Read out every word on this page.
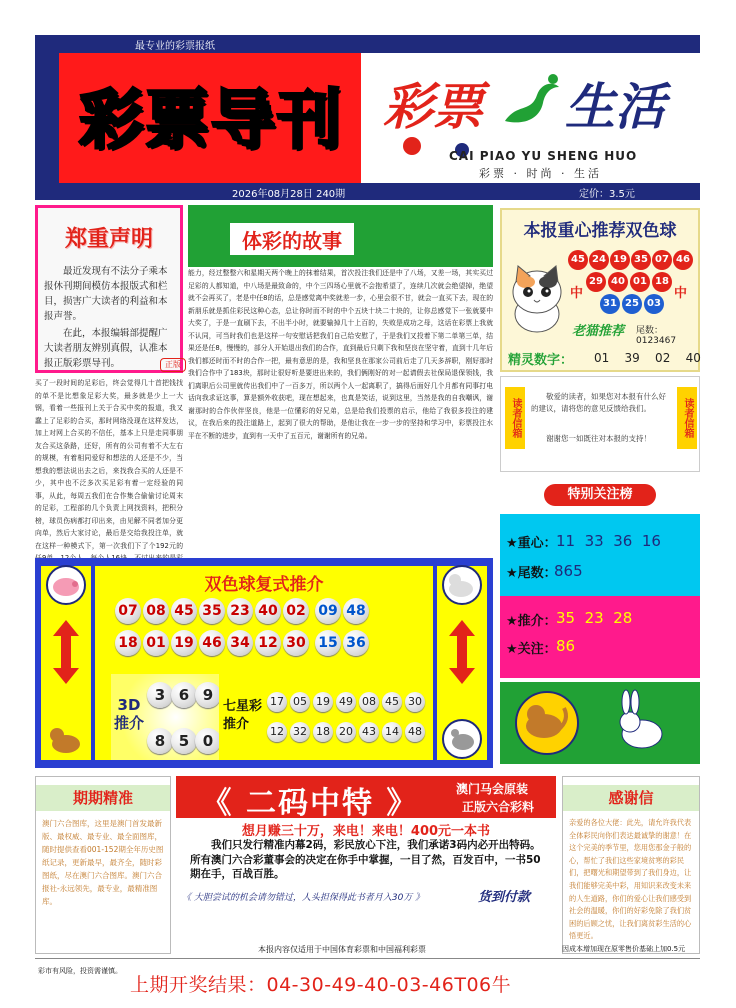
最专业的彩票报纸
彩票导刊 彩票 生活
CAI PIAO YU SHENG HUO
彩票 · 时尚 · 生活
2026年08月28日 240期	定价：3.5元
郑重声明
最近发现有不法分子乘本报休刊期间模仿本报版式和栏目，损害广大读者的利益和本报声誉。
在此，本报编辑部提醒广大读者朋友辨别真假，认准本报正版彩票导刊。	正版
体彩的故事
能力，经过整整六和星期天两个晚上的抹着结果，首次投注我们还是中了八场，又差一场，其实买过足彩的人都知道，中八场是最致命的，中个三四场心里就不会抱希望了，连续几次就会绝望掉，绝望就不会再买了，老是中任8的话，总是感觉离中奖就差一步，心里会很不甘，就会一直买下去，现在的新朋乐就是抓住彩民这种心态，总让你时而不时的中个五块十块二十块的，让你总感觉下一张就要中大奖了，于是一直刷下去，不出半小时，就要输掉几十上百的，失败是成功之母，这话在彩票上我就不认同，可当时我们也是这样一句安慰话把我们自己给安慰了，于是我们又投着下第二单第三单，结果还是任8，慢慢的，部分人开始退出我们的合作，直到最后只剩下我和坚良在坚守着，直到十几年后我们都还时而不时的合作一把，最有意思的是，我和坚良在那家公司前后走了几天多辞职，刚好那时我们合作中了183块，那时让很好听是要进出来的，我们俩刚好的对一起请假去社保局退保领钱，我们离职后公司里就传出我们中了一百多万，所以两个人一起离职了，搞得后面好几个月都有同事打电话向我求证这事，算是额外收获吧，现在想起来，也真是笑话，说到这里，当然是我的自我嘲讽，谢谢那时的合作伙伴坚良，他是一位懂彩的好兄弟，总是给我们投票的启示，他给了我很多投注的建议，在我后来的投注道路上，起到了很大的帮助，是他让我在一步一步的坚持和学习中，彩票投注水平在不断的进步，直到有一天中了五百元，谢谢所有的兄弟。
买了一段时间的足彩后，终会觉得几十首把钱找的单不是比想象足彩大奖，最多就是少上一大钢，看着一些报刊上关于合买中奖的报道，我又蠢上了足彩的合买，那时网络没现在这样发达，加上对网上合买的不信任，基本上只是走同事朋友合买这条路，还好，所有的公司有着不大左右的规模，有着相同爱好和想法的人还是不少，当想我的想法说出去之后，来找我合买的人还是不少，其中也不泛多次买足彩有着一定经验的同事，从此，每周五我们在合作集合偷偷讨论周末的足彩，工程部的几个负责上网找资料，把积分榜，球员伤病都打印出来，由见解不同者加分更向单，然后大家讨论，最后是交给我投注单，就在这样一种模式下，第一次我们下了个192元的
本报重心推荐双色球
中	中
45 24 19 35 07 46
29 40 01 18
31 25 03
老猫推荐 尾数：0123467
精灵数字： 01    39    02    40
读者信箱
敬爱的读者，如果您对本报有什么好的建议，请将您的意见反馈给我们。
谢谢您一如既往对本报的支持！
读者信箱
特别关注榜
★重心： 11  33  36  16
★尾数：
865
★推介： 35  23  28
★关注： 86
双色球复式推介
07 08 45 35 23 40 02 09 48
18 01 19 46 34 12 30 15 36
3D推介
3 6 9
8 5 0
七星彩推介
17 05 19 49 08 45 30
12 32 18 20 43 14 48
期期精准
澳门六合图库，这里是澳门首发最新版、最权威、最专业、最全面图库，随时提供查看001-152期全年历史图纸记录，更新最早，最齐全，随时彩图纸，尽在澳门六合图库。澳门六合报社-永远领先，最专业，最精准图库。
《 二码中特 》	澳门马会原装
正版六合彩料
想月赚三十万，来电！来电！400元一本书
我们只发行精准内幕2码，彩民放心下注，我们承诺3码内必开出特码。所有澳门六合彩董事会的决定在你手中掌握，一目了然，百发百中，一书50期在手，百战百胜。
《 大胆尝试的机会请勿错过，人头担保得此书者月入30万 》	货到付款
感谢信
亲爱的各位大佬：此先，请允许我代表全体彩民向你们表达最诚挚的谢意！在这个完美的季节里，您用您那金子般的心，帮忙了我们这些家境贫寒的彩民们，把曙光和期望带到了我们身边，让我们能够完美中彩，用知识来改变未来的人生道路，你们的爱心让我们感受到社会的温暖，你们的好彩免除了我们贫困的后顾之忧，让我们离贫彩生活的心悟更近。
本报内容仅适用于中国体育彩票和中国福利彩票	因成本增加现在原零售价基础上加0.5元
彩市有风险，投资需谨慎。
上期开奖结果：04-30-49-40-03-46T06牛
